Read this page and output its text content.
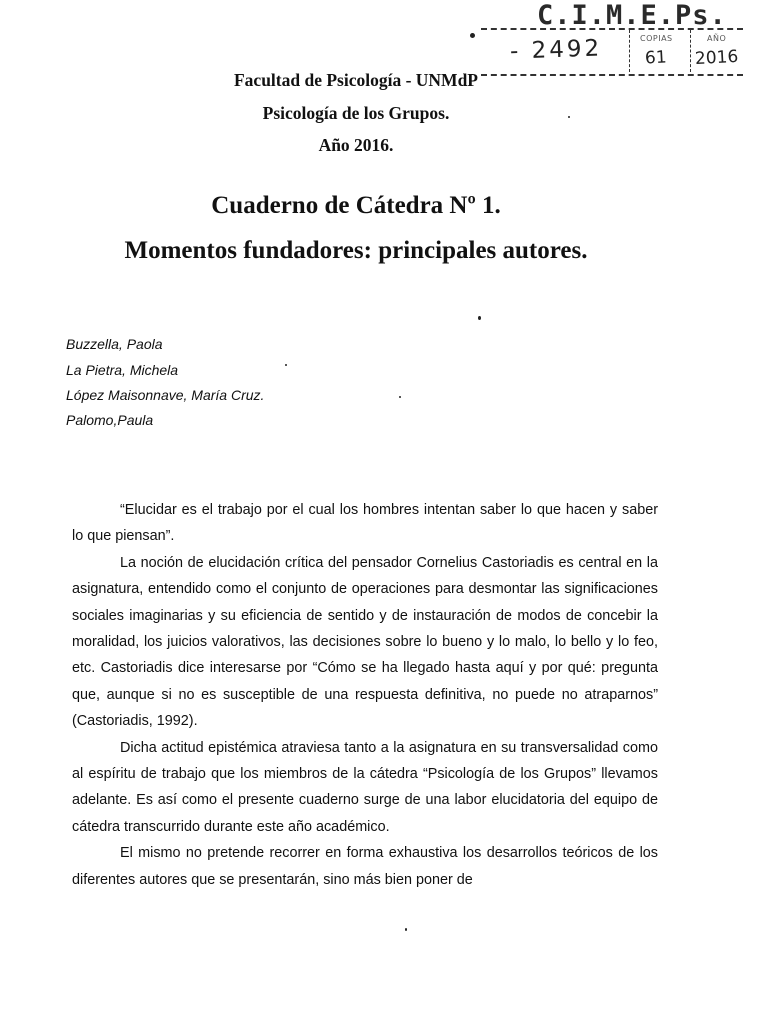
C.I.M.E.Ps.
- 2492	COPIAS	AÑO
61 2016
Facultad de Psicología - UNMdP
Psicología de los Grupos.
Año 2016.
Cuaderno de Cátedra Nº 1.
Momentos fundadores: principales autores.
Buzzella, Paola
La Pietra, Michela
López Maisonnave, María Cruz.
Palomo,Paula

“Elucidar es el trabajo por el cual los hombres intentan saber lo que hacen y saber lo que piensan”.

La noción de elucidación crítica del pensador Cornelius Castoriadis es central en la asignatura, entendido como el conjunto de operaciones para desmontar las significaciones sociales imaginarias y su eficiencia de sentido y de instauración de modos de concebir la moralidad, los juicios valorativos, las decisiones sobre lo bueno y lo malo, lo bello y lo feo, etc. Castoriadis dice interesarse por “Cómo se ha llegado hasta aquí y por qué: pregunta que, aunque si no es susceptible de una respuesta definitiva, no puede no atraparnos” (Castoriadis, 1992).

Dicha actitud epistémica atraviesa tanto a la asignatura en su transversalidad como al espíritu de trabajo que los miembros de la cátedra “Psicología de los Grupos” llevamos adelante. Es así como el presente cuaderno surge de una labor elucidatoria del equipo de cátedra transcurrido durante este año académico.

El mismo no pretende recorrer en forma exhaustiva los desarrollos teóricos de los diferentes autores que se presentarán, sino más bien poner de
